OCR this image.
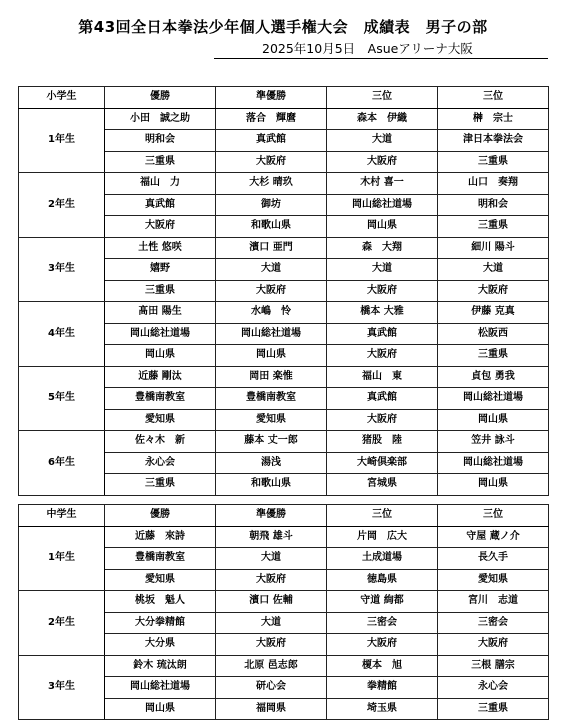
第43回全日本拳法少年個人選手権大会　成績表　男子の部
2025年10月5日　Asueアリーナ大阪
小学生	優勝	準優勝	三位	三位
1年生	小田　誠之助	落合　輝麿	森本　伊織	榊　宗士
	明和会	真武館	大道	津日本拳法会
	三重県	大阪府	大阪府	三重県
2年生	福山　力	大杉 晴玖	木村 喜一	山口　奏翔
	真武館	御坊	岡山総社道場	明和会
	大阪府	和歌山県	岡山県	三重県
3年生	土性 悠咲	濱口 亜門	森　大翔	細川 陽斗
	嬉野	大道	大道	大道
	三重県	大阪府	大阪府	大阪府
4年生	髙田 陽生	水嶋　怜	橋本 大雅	伊藤 克真
	岡山総社道場	岡山総社道場	真武館	松阪西
	岡山県	岡山県	大阪府	三重県
5年生	近藤 剛汰	岡田 楽惟	福山　東	貞包 勇我
	豊橋南教室	豊橋南教室	真武館	岡山総社道場
	愛知県	愛知県	大阪府	岡山県
6年生	佐々木　新	藤本 丈一郎	猪股　陸	笠井 詠斗
	永心会	湯浅	大崎倶楽部	岡山総社道場
	三重県	和歌山県	宮城県	岡山県
中学生	優勝	準優勝	三位	三位
1年生	近藤　來詩	朝飛 雄斗	片岡　広大	守屋 蔵ノ介
	豊橋南教室	大道	土成道場	長久手
	愛知県	大阪府	徳島県	愛知県
2年生	桃坂　魁人	濱口 佐輔	守道 絢都	宮川　志道
	大分拳精館	大道	三密会	三密会
	大分県	大阪府	大阪府	大阪府
3年生	鈴木 琉汰朗	北原 邑志郎	榎本　旭	三根 膳宗
	岡山総社道場	研心会	拳精館	永心会
	岡山県	福岡県	埼玉県	三重県
